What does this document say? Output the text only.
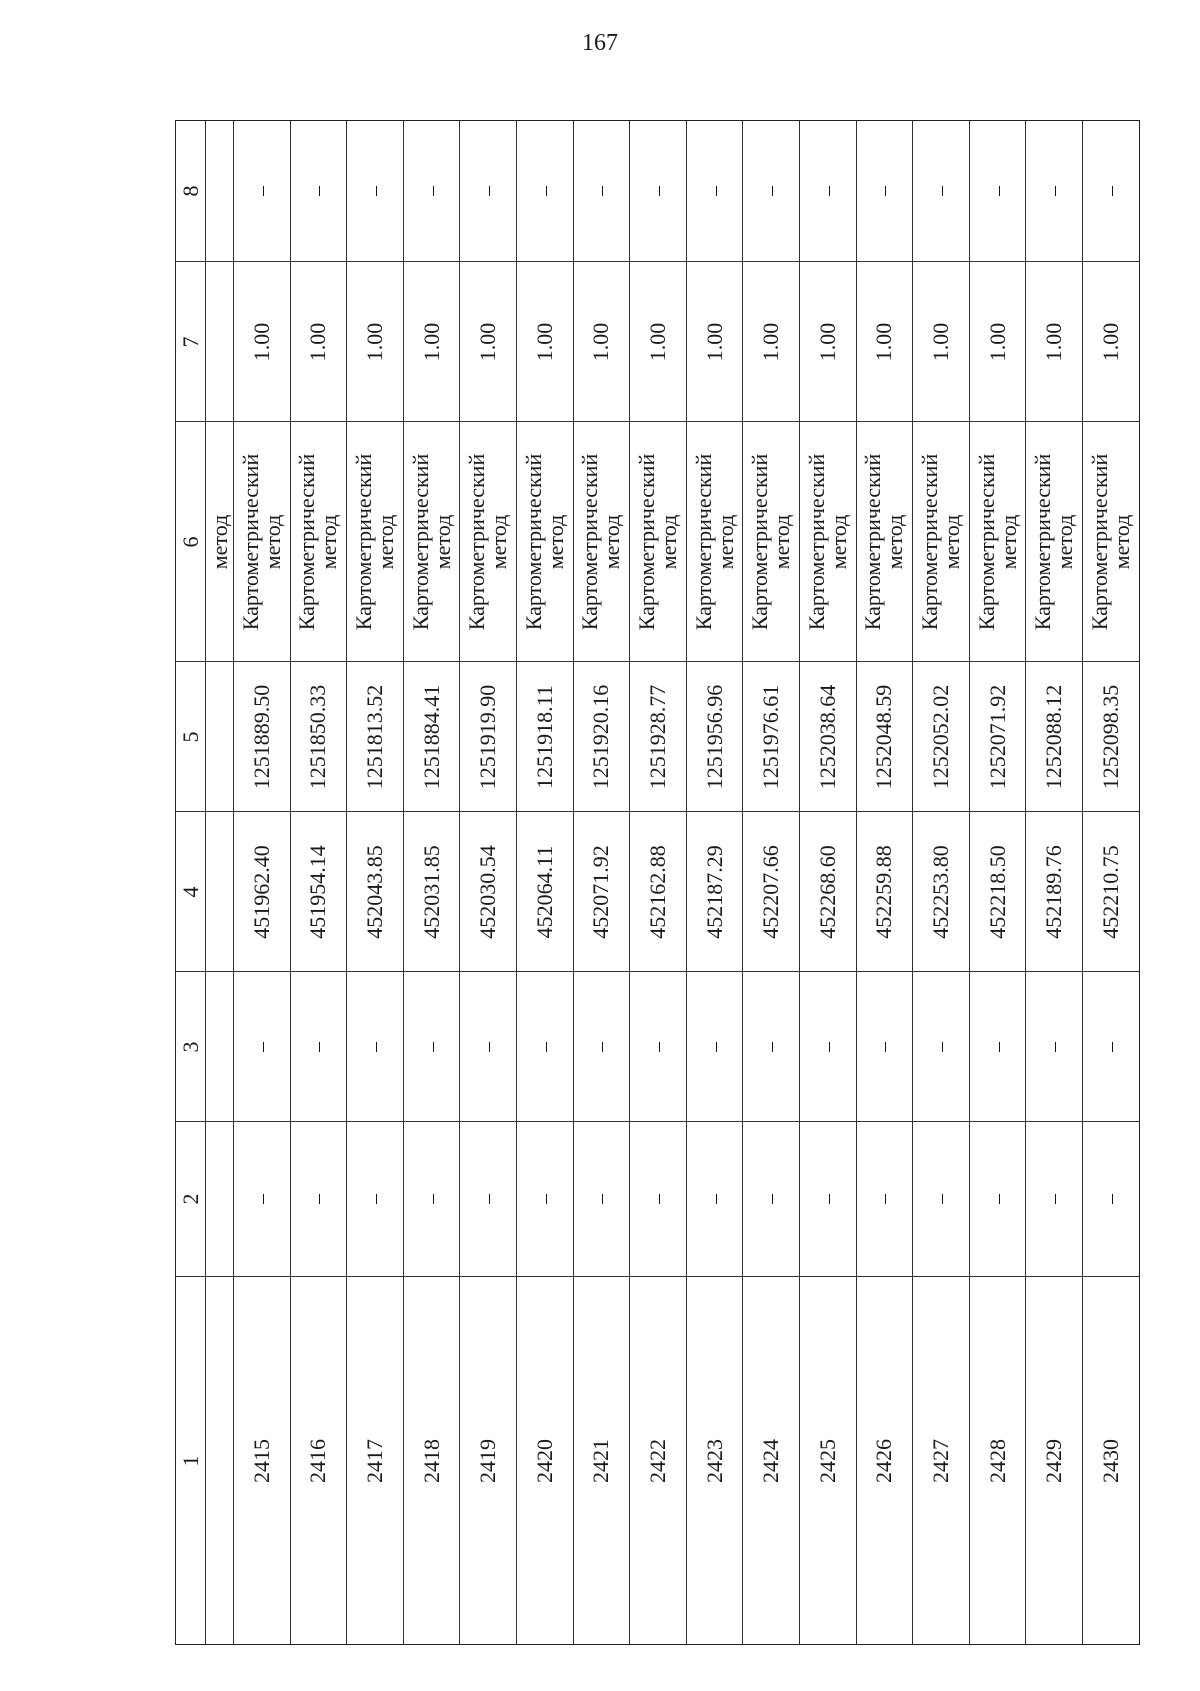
167
8
7
6
5
4
3
2
1
метод
–
1.00
Картометрический
метод
1251889.50
451962.40
–
–
2415
–
1.00
Картометрический
метод
1251850.33
451954.14
–
–
2416
–
1.00
Картометрический
метод
1251813.52
452043.85
–
–
2417
–
1.00
Картометрический
метод
1251884.41
452031.85
–
–
2418
–
1.00
Картометрический
метод
1251919.90
452030.54
–
–
2419
–
1.00
Картометрический
метод
1251918.11
452064.11
–
–
2420
–
1.00
Картометрический
метод
1251920.16
452071.92
–
–
2421
–
1.00
Картометрический
метод
1251928.77
452162.88
–
–
2422
–
1.00
Картометрический
метод
1251956.96
452187.29
–
–
2423
–
1.00
Картометрический
метод
1251976.61
452207.66
–
–
2424
–
1.00
Картометрический
метод
1252038.64
452268.60
–
–
2425
–
1.00
Картометрический
метод
1252048.59
452259.88
–
–
2426
–
1.00
Картометрический
метод
1252052.02
452253.80
–
–
2427
–
1.00
Картометрический
метод
1252071.92
452218.50
–
–
2428
–
1.00
Картометрический
метод
1252088.12
452189.76
–
–
2429
–
1.00
Картометрический
метод
1252098.35
452210.75
–
–
2430
